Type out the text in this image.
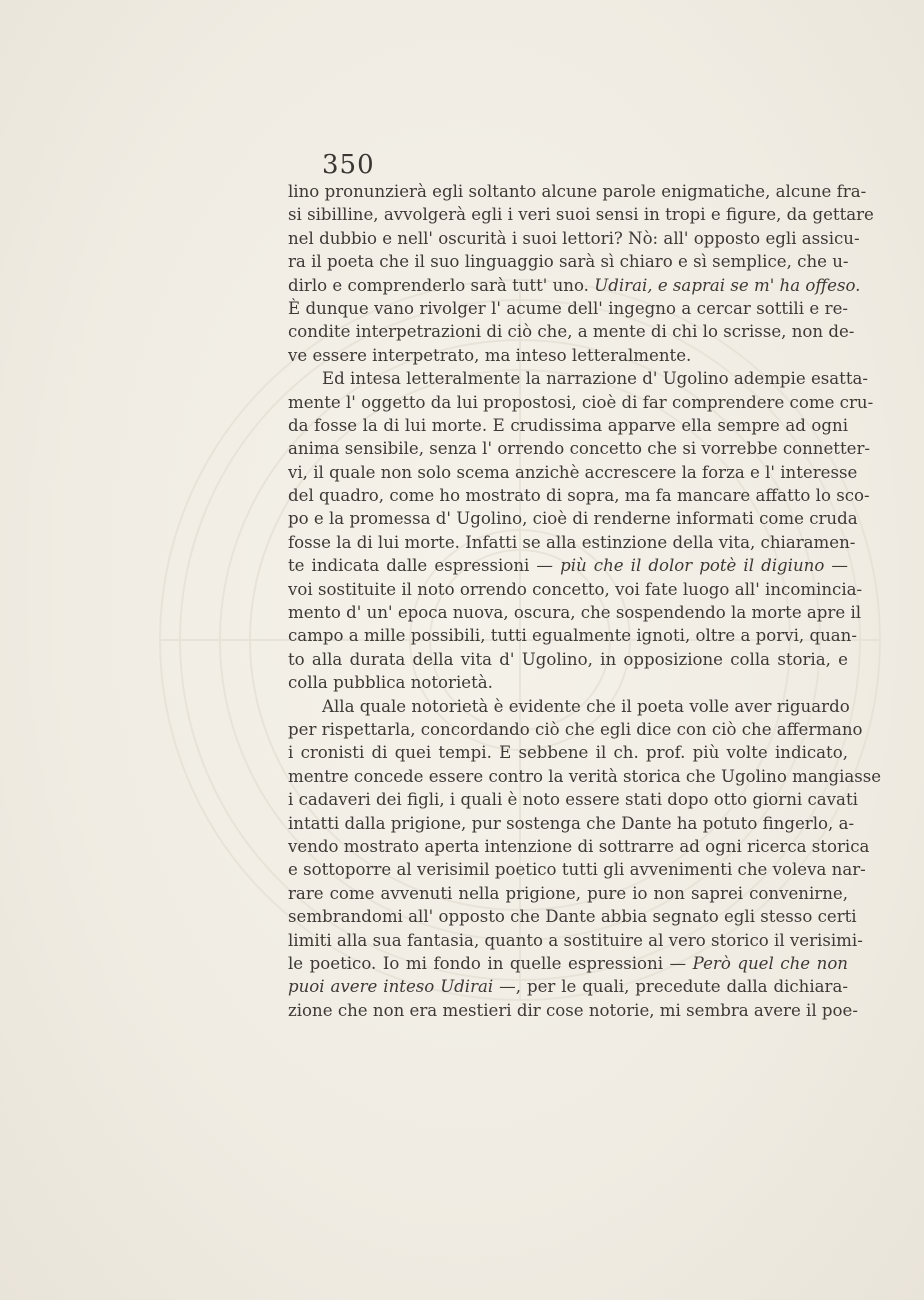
350
lino pronunzierà egli soltanto alcune parole enigmatiche, alcune fra-
si sibilline, avvolgerà egli i veri suoi sensi in tropi e figure, da gettare
nel dubbio e nell' oscurità i suoi lettori? Nò: all' opposto egli assicu-
ra il poeta che il suo linguaggio sarà sì chiaro e sì semplice, che u-
dirlo e comprenderlo sarà tutt' uno. Udirai, e saprai se m' ha offeso.
È dunque vano rivolger l' acume dell' ingegno a cercar sottili e re-
condite interpetrazioni di ciò che, a mente di chi lo scrisse, non de-
ve essere interpetrato, ma inteso letteralmente.
Ed intesa letteralmente la narrazione d' Ugolino adempie esatta-
mente l' oggetto da lui propostosi, cioè di far comprendere come cru-
da fosse la di lui morte. E crudissima apparve ella sempre ad ogni
anima sensibile, senza l' orrendo concetto che si vorrebbe connetter-
vi, il quale non solo scema anzichè accrescere la forza e l' interesse
del quadro, come ho mostrato di sopra, ma fa mancare affatto lo sco-
po e la promessa d' Ugolino, cioè di renderne informati come cruda
fosse la di lui morte. Infatti se alla estinzione della vita, chiaramen-
te indicata dalle espressioni — più che il dolor potè il digiuno —
voi sostituite il noto orrendo concetto, voi fate luogo all' incomincia-
mento d' un' epoca nuova, oscura, che sospendendo la morte apre il
campo a mille possibili, tutti egualmente ignoti, oltre a porvi, quan-
to alla durata della vita d' Ugolino, in opposizione colla storia, e
colla pubblica notorietà.
Alla quale notorietà è evidente che il poeta volle aver riguardo
per rispettarla, concordando ciò che egli dice con ciò che affermano
i cronisti di quei tempi. E sebbene il ch. prof. più volte indicato,
mentre concede essere contro la verità storica che Ugolino mangiasse
i cadaveri dei figli, i quali è noto essere stati dopo otto giorni cavati
intatti dalla prigione, pur sostenga che Dante ha potuto fingerlo, a-
vendo mostrato aperta intenzione di sottrarre ad ogni ricerca storica
e sottoporre al verisimil poetico tutti gli avvenimenti che voleva nar-
rare come avvenuti nella prigione, pure io non saprei convenirne,
sembrandomi all' opposto che Dante abbia segnato egli stesso certi
limiti alla sua fantasia, quanto a sostituire al vero storico il verisimi-
le poetico. Io mi fondo in quelle espressioni — Però quel che non
puoi avere inteso Udirai —, per le quali, precedute dalla dichiara-
zione che non era mestieri dir cose notorie, mi sembra avere il poe-
